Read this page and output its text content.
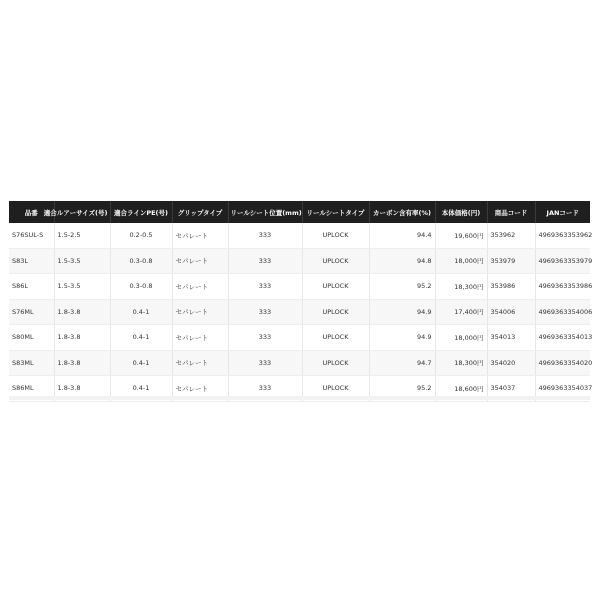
品番	適合ルアーサイズ(号)	適合ラインPE(号)	グリップタイプ	リールシート位置(mm)	リールシートタイプ	カーボン含有率(%)	本体価格(円)	商品コード	JANコード
S76SUL-S	1.5-2.5	0.2-0.5	セパレート	333	UPLOCK	94.4	19,600円	353962	4969363353962
S83L	1.5-3.5	0.3-0.8	セパレート	333	UPLOCK	94.8	18,000円	353979	4969363353979
S86L	1.5-3.5	0.3-0.8	セパレート	333	UPLOCK	95.2	18,300円	353986	4969363353986
S76ML	1.8-3.8	0.4-1	セパレート	333	UPLOCK	94.9	17,400円	354006	4969363354006
S80ML	1.8-3.8	0.4-1	セパレート	333	UPLOCK	94.9	18,000円	354013	4969363354013
S83ML	1.8-3.8	0.4-1	セパレート	333	UPLOCK	94.7	18,300円	354020	4969363354020
S86ML	1.8-3.8	0.4-1	セパレート	333	UPLOCK	95.2	18,600円	354037	4969363354037
